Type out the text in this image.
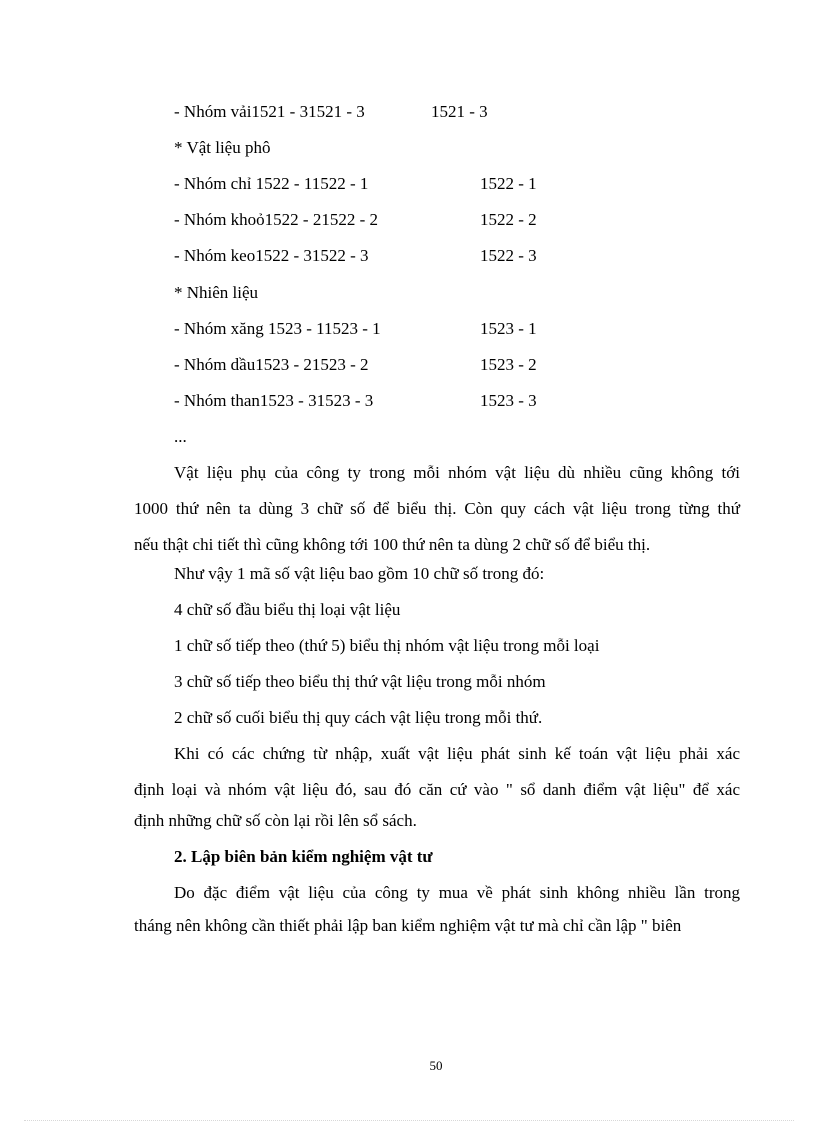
- Nhóm vải1521 - 31521 - 3	1521 - 3
* Vật liệu phô
- Nhóm chỉ 1522 - 11522 - 1	1522 - 1
- Nhóm khoỏ1522 - 21522 - 2	1522 - 2
- Nhóm keo1522 - 31522 - 3	1522 - 3
* Nhiên liệu
- Nhóm xăng 1523 - 11523 - 1	1523 - 1
- Nhóm dầu1523 - 21523 - 2	1523 - 2
- Nhóm than1523 - 31523 - 3	1523 - 3
...
Vật liệu phụ của công ty trong mỗi nhóm vật liệu dù nhiều cũng không tới
1000 thứ nên ta dùng 3 chữ số để biểu thị. Còn quy cách vật liệu trong từng thứ
nếu thật chi tiết thì cũng không tới 100 thứ nên ta dùng 2 chữ số để biểu thị.
Như vậy 1 mã số vật liệu bao gồm 10 chữ số trong đó:
4 chữ số đầu biểu thị loại vật liệu
1 chữ số tiếp theo (thứ 5) biểu thị nhóm vật liệu trong mỗi loại
3 chữ số tiếp theo biểu thị thứ vật liệu trong mỗi nhóm
2 chữ số cuối biểu thị quy cách vật liệu trong mỗi thứ.
Khi có các chứng từ nhập, xuất vật liệu phát sinh kế toán vật liệu phải xác
định loại và nhóm vật liệu đó, sau đó căn cứ vào " sổ danh điểm vật liệu" để xác
định những chữ số còn lại rồi lên sổ sách.
2. Lập biên bản kiểm nghiệm vật tư
Do đặc điểm vật liệu của công ty mua về phát sinh không nhiều lần trong
tháng nên không cần thiết phải lập ban kiểm nghiệm vật tư mà chỉ cần lập " biên
50
